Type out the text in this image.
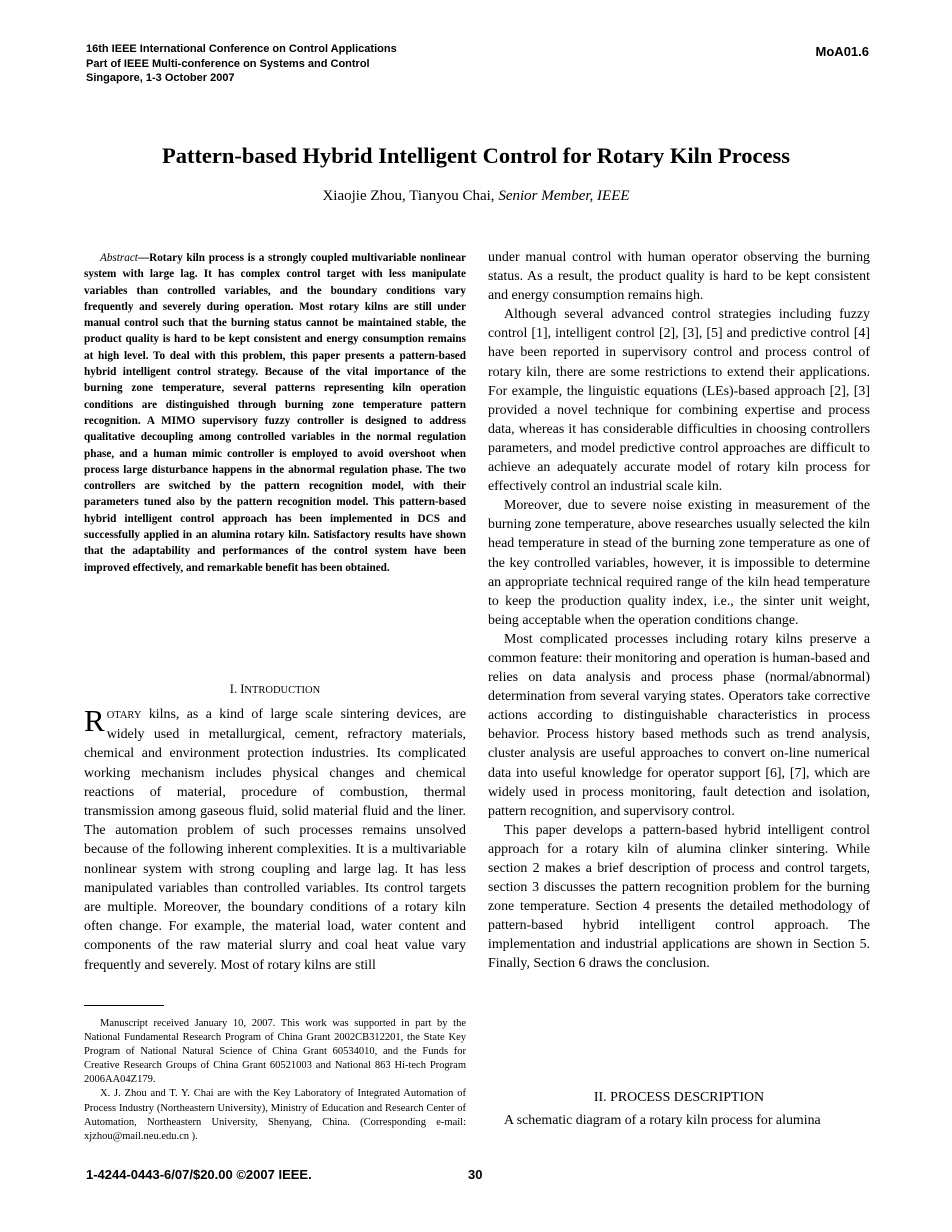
16th IEEE International Conference on Control Applications
Part of IEEE Multi-conference on Systems and Control
Singapore, 1-3 October 2007
MoA01.6
Pattern-based Hybrid Intelligent Control for Rotary Kiln Process
Xiaojie Zhou, Tianyou Chai, Senior Member, IEEE
Abstract—Rotary kiln process is a strongly coupled multivariable nonlinear system with large lag. It has complex control target with less manipulate variables than controlled variables, and the boundary conditions vary frequently and severely during operation. Most rotary kilns are still under manual control such that the burning status cannot be maintained stable, the product quality is hard to be kept consistent and energy consumption remains at high level. To deal with this problem, this paper presents a pattern-based hybrid intelligent control strategy. Because of the vital importance of the burning zone temperature, several patterns representing kiln operation conditions are distinguished through burning zone temperature pattern recognition. A MIMO supervisory fuzzy controller is designed to address qualitative decoupling among controlled variables in the normal regulation phase, and a human mimic controller is employed to avoid overshoot when process large disturbance happens in the abnormal regulation phase. The two controllers are switched by the pattern recognition model, with their parameters tuned also by the pattern recognition model. This pattern-based hybrid intelligent control approach has been implemented in DCS and successfully applied in an alumina rotary kiln. Satisfactory results have shown that the adaptability and performances of the control system have been improved effectively, and remarkable benefit has been obtained.
I. INTRODUCTION
ROTARY kilns, as a kind of large scale sintering devices, are widely used in metallurgical, cement, refractory materials, chemical and environment protection industries. Its complicated working mechanism includes physical changes and chemical reactions of material, procedure of combustion, thermal transmission among gaseous fluid, solid material fluid and the liner. The automation problem of such processes remains unsolved because of the following inherent complexities. It is a multivariable nonlinear system with strong coupling and large lag. It has less manipulated variables than controlled variables. Its control targets are multiple. Moreover, the boundary conditions of a rotary kiln often change. For example, the material load, water content and components of the raw material slurry and coal heat value vary frequently and severely. Most of rotary kilns are still

Manuscript received January 10, 2007. This work was supported in part by the National Fundamental Research Program of China Grant 2002CB312201, the State Key Program of National Natural Science of China Grant 60534010, and the Funds for Creative Research Groups of China Grant 60521003 and National 863 Hi-tech Program 2006AA04Z179.

X. J. Zhou and T. Y. Chai are with the Key Laboratory of Integrated Automation of Process Industry (Northeastern University), Ministry of Education and Research Center of Automation, Northeastern University, Shenyang, China. (Corresponding e-mail: xjzhou@mail.neu.edu.cn ).

under manual control with human operator observing the burning status. As a result, the product quality is hard to be kept consistent and energy consumption remains high.

Although several advanced control strategies including fuzzy control [1], intelligent control [2], [3], [5] and predictive control [4] have been reported in supervisory control and process control of rotary kiln, there are some restrictions to extend their applications. For example, the linguistic equations (LEs)-based approach [2], [3] provided a novel technique for combining expertise and process data, whereas it has considerable difficulties in choosing controllers parameters, and model predictive control approaches are difficult to achieve an adequately accurate model of rotary kiln process for effectively control an industrial scale kiln.

Moreover, due to severe noise existing in measurement of the burning zone temperature, above researches usually selected the kiln head temperature in stead of the burning zone temperature as one of the key controlled variables, however, it is impossible to determine an appropriate technical required range of the kiln head temperature to keep the production quality index, i.e., the sinter unit weight, being acceptable when the operation conditions change.

Most complicated processes including rotary kilns preserve a common feature: their monitoring and operation is human-based and relies on data analysis and process phase (normal/abnormal) determination from several varying states. Operators take corrective actions according to distinguishable characteristics in process behavior. Process history based methods such as trend analysis, cluster analysis are useful approaches to convert on-line numerical data into useful knowledge for operator support [6], [7], which are widely used in process monitoring, fault detection and isolation, pattern recognition, and supervisory control.

This paper develops a pattern-based hybrid intelligent control approach for a rotary kiln of alumina clinker sintering. While section 2 makes a brief description of process and control targets, section 3 discusses the pattern recognition problem for the burning zone temperature. Section 4 presents the detailed methodology of pattern-based hybrid intelligent control approach. The implementation and industrial applications are shown in Section 5. Finally, Section 6 draws the conclusion.

II. PROCESS DESCRIPTION
A schematic diagram of a rotary kiln process for alumina
1-4244-0443-6/07/$20.00 ©2007 IEEE.	30
